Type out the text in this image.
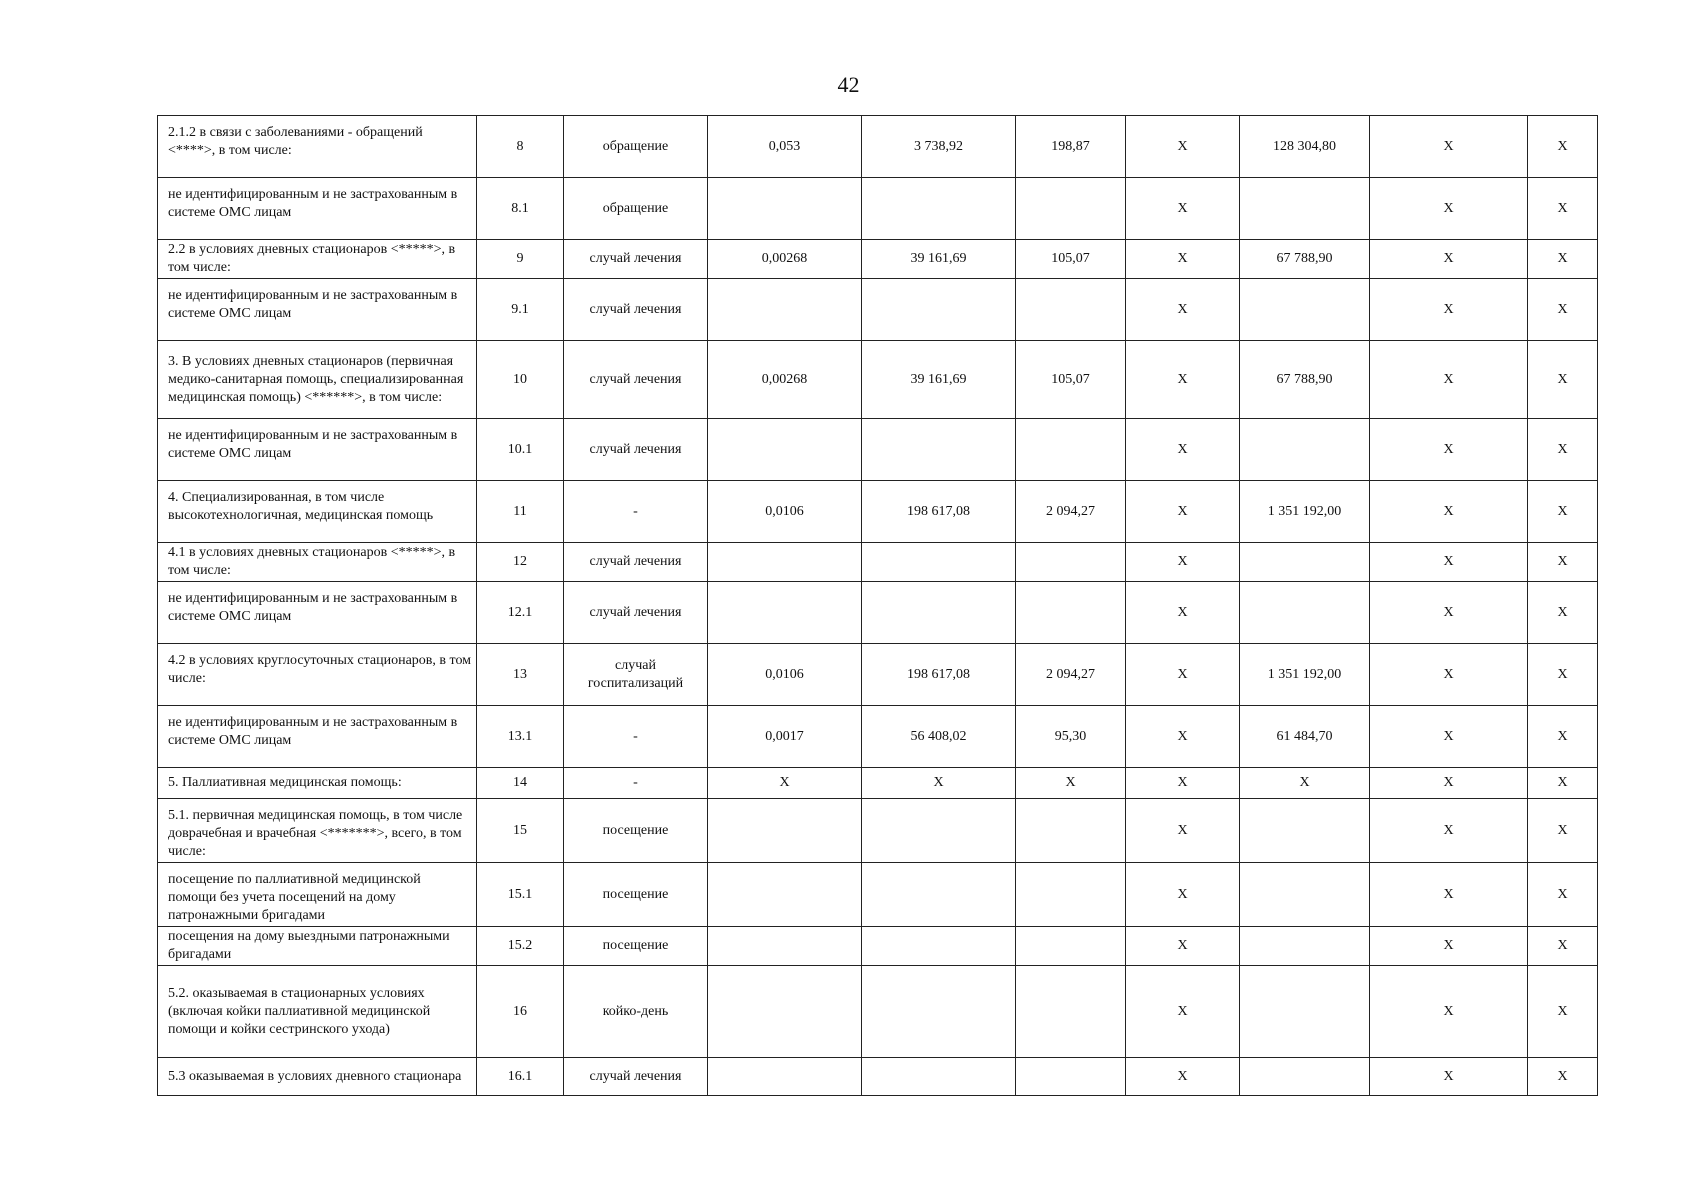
42
2.1.2 в связи с заболеваниями - обращений <****>, в том числе:	8	обращение	0,053	3 738,92	198,87	X	128 304,80	X	X
не идентифицированным и не застрахованным в системе ОМС лицам	8.1	обращение				X		X	X
2.2 в условиях дневных стационаров <*****>, в том числе:	9	случай лечения	0,00268	39 161,69	105,07	X	67 788,90	X	X
не идентифицированным и не застрахованным в системе ОМС лицам	9.1	случай лечения				X		X	X
3. В условиях дневных стационаров (первичная медико-санитарная помощь, специализированная медицинская помощь) <******>, в том числе:	10	случай лечения	0,00268	39 161,69	105,07	X	67 788,90	X	X
не идентифицированным и не застрахованным в системе ОМС лицам	10.1	случай лечения				X		X	X
4. Специализированная, в том числе высокотехнологичная, медицинская помощь	11	-	0,0106	198 617,08	2 094,27	X	1 351 192,00	X	X
4.1 в условиях дневных стационаров <*****>, в том числе:	12	случай лечения				X		X	X
не идентифицированным и не застрахованным в системе ОМС лицам	12.1	случай лечения				X		X	X
4.2 в условиях круглосуточных стационаров, в том числе:	13	случай госпитализаций	0,0106	198 617,08	2 094,27	X	1 351 192,00	X	X
не идентифицированным и не застрахованным в системе ОМС лицам	13.1	-	0,0017	56 408,02	95,30	X	61 484,70	X	X
5. Паллиативная медицинская помощь:	14	-	X	X	X	X	X	X	X
5.1. первичная медицинская помощь, в том числе доврачебная и врачебная <*******>, всего, в том числе:	15	посещение				X		X	X
посещение по паллиативной медицинской помощи без учета посещений на дому патронажными бригадами	15.1	посещение				X		X	X
посещения на дому выездными патронажными бригадами	15.2	посещение				X		X	X
5.2. оказываемая в стационарных условиях (включая койки паллиативной медицинской помощи и койки сестринского ухода)	16	койко-день				X		X	X
5.3 оказываемая в условиях дневного стационара	16.1	случай лечения				X		X	X
